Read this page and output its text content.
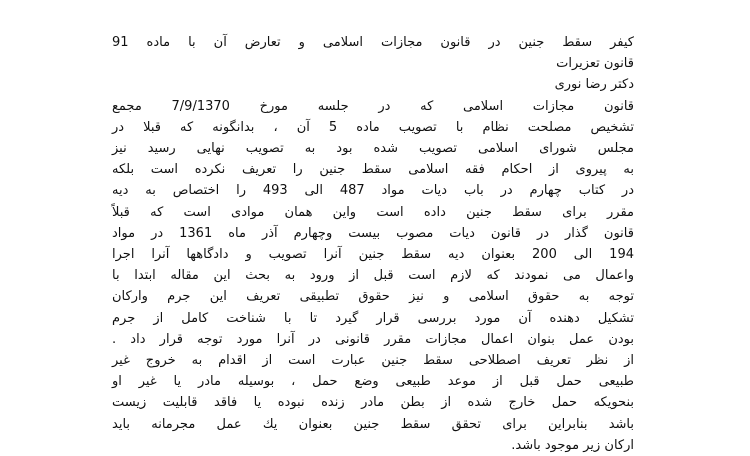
کیفر سقط جنین در قانون مجازات اسلامی و تعارض آن با ماده 91
قانون تعزیرات
دکتر رضا نوری
قانون مجازات اسلامی که در جلسه مورخ 7/9/1370 مجمع
تشخیص مصلحت نظام با تصویب ماده 5 آن ، بدانگونه که قبلا در
مجلس شورای اسلامی تصویب شده بود به تصویب نهایی رسید نیز
به پیروی از احکام فقه اسلامی سقط جنین را تعریف نکرده است بلکه
در کتاب چهارم در باب دیات مواد 487 الی 493 را اختصاص به دیه
مقرر برای سقط جنین داده است واین همان موادی است که قبلاً
قانون گذار در قانون دیات مصوب بیست وچهارم آذر ماه 1361 در مواد
194 الی 200 بعنوان دیه سقط جنین آنرا تصویب و دادگاهها آنرا اجرا
واعمال می نمودند که لازم است قبل از ورود به بحث این مقاله ابتدا با
توجه به حقوق اسلامی و نیز حقوق تطبیقی تعریف این جرم وارکان
تشکیل دهنده آن مورد بررسی قرار گیرد تا با شناخت کامل از جرم
بودن عمل بنوان اعمال مجازات مقرر قانونی در آنرا مورد توجه قرار داد .
از نظر تعریف اصطلاحی سقط جنین عبارت است از اقدام به خروج غیر
طبیعی حمل قبل از موعد طبیعی وضع حمل ، بوسیله مادر یا غیر او
بنحویکه حمل خارج شده از بطن مادر زنده نبوده یا فاقد قابلیت زیست
باشد بنابراین برای تحقق سقط جنین بعنوان یك عمل مجرمانه باید
ارکان زیر موجود باشد.
